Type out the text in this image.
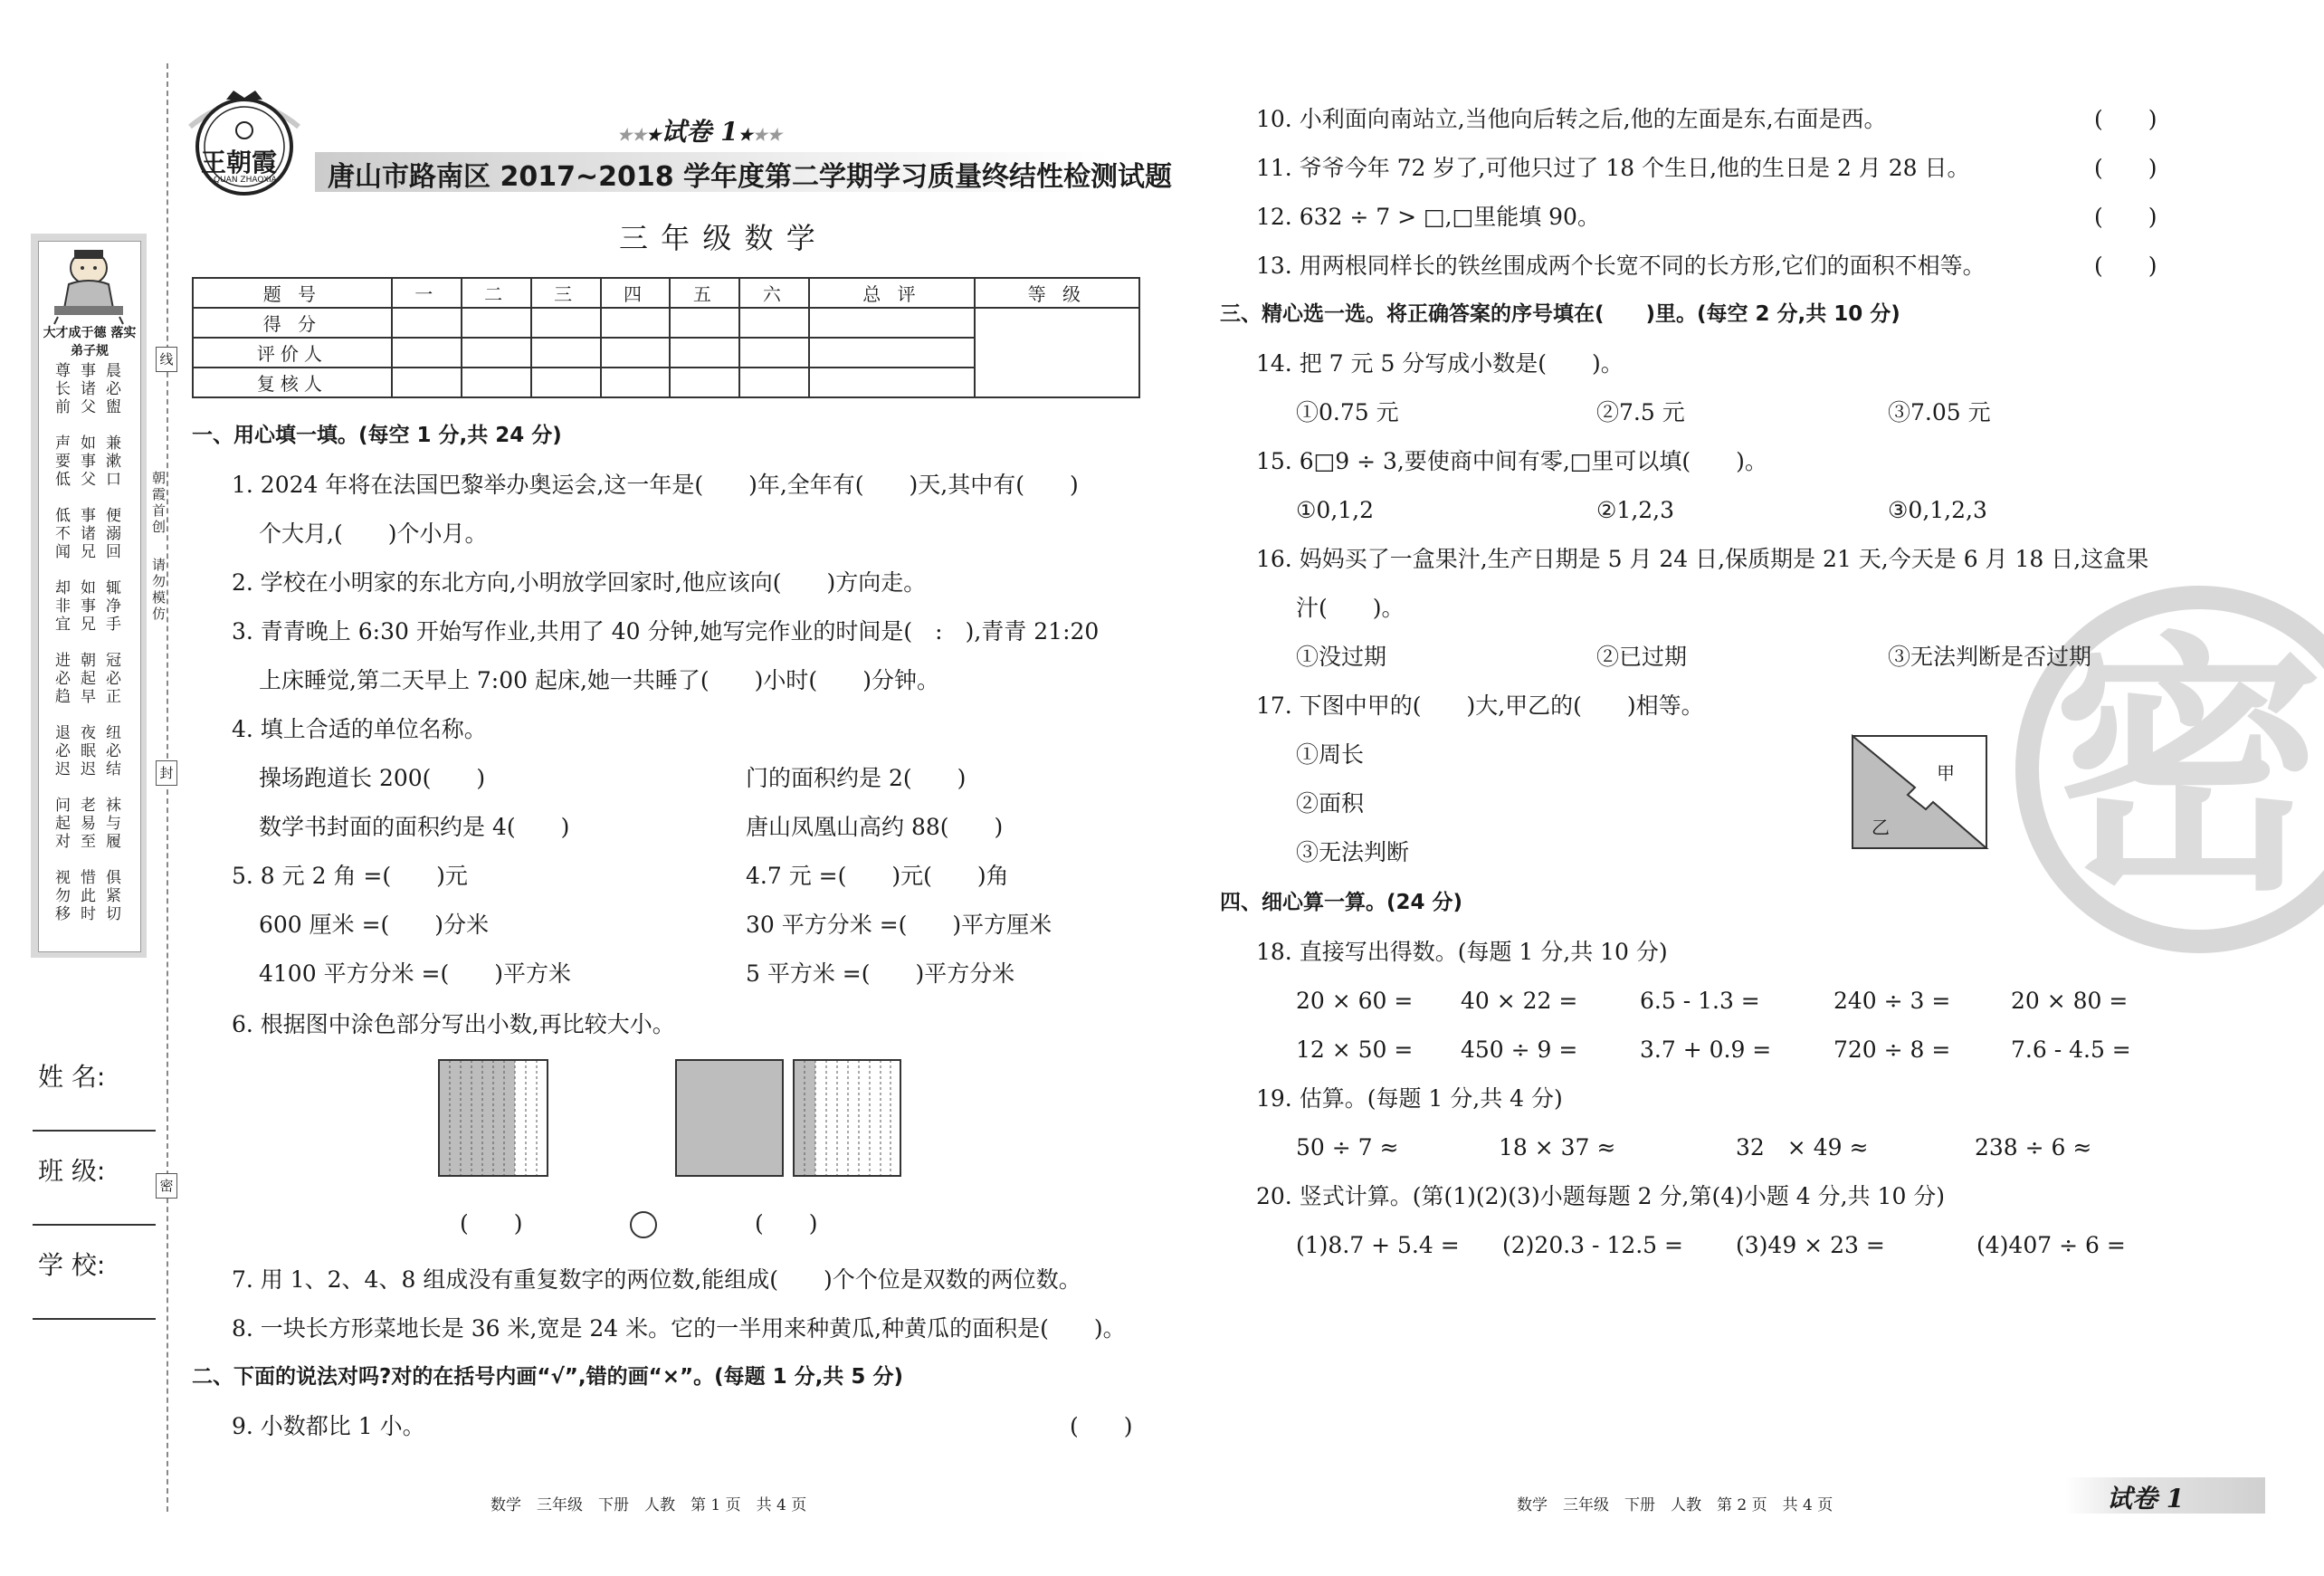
线
封
密
朝霞首创
请勿模仿
大才成于德 落实弟子规
晨必盥
事诸父
尊长前
兼漱口
如事父
声要低
便溺回
事诸兄
低不闻
辄净手
如事兄
却非宜
冠必正
朝起早
进必趋
纽必结
夜眠迟
退必迟
袜与履
老易至
问起对
俱紧切
惜此时
视勿移
姓 名:
班 级:
学 校:
王朝霞
QUAN ZHAOXIA
★★★试卷 1★★★
唐山市路南区 2017~2018 学年度第二学期学习质量终结性检测试题
三 年 级 数 学
题 号	一	二	三	四	五	六	总 评	等 级
得 分								
评价人								
复核人								
一、用心填一填。(每空 1 分,共 24 分)
1. 2024 年将在法国巴黎举办奥运会,这一年是(　　)年,全年有(　　)天,其中有(　　)
个大月,(　　)个小月。
2. 学校在小明家的东北方向,小明放学回家时,他应该向(　　)方向走。
3. 青青晚上 6:30 开始写作业,共用了 40 分钟,她写完作业的时间是(　:　),青青 21:20
上床睡觉,第二天早上 7:00 起床,她一共睡了(　　)小时(　　)分钟。
4. 填上合适的单位名称。
操场跑道长 200(　　)	门的面积约是 2(　　)
数学书封面的面积约是 4(　　)	唐山凤凰山高约 88(　　)
5. 8 元 2 角 =(　　)元	4.7 元 =(　　)元(　　)角
600 厘米 =(　　)分米	30 平方分米 =(　　)平方厘米
4100 平方分米 =(　　)平方米	5 平方米 =(　　)平方分米
6. 根据图中涂色部分写出小数,再比较大小。
(　　)	(　　)
7. 用 1、2、4、8 组成没有重复数字的两位数,能组成(　　)个个位是双数的两位数。
8. 一块长方形菜地长是 36 米,宽是 24 米。它的一半用来种黄瓜,种黄瓜的面积是(　　)。
二、下面的说法对吗?对的在括号内画“√”,错的画“×”。(每题 1 分,共 5 分)
9. 小数都比 1 小。	(　　)
数学　三年级　下册　人教　第 1 页　共 4 页
10. 小利面向南站立,当他向后转之后,他的左面是东,右面是西。	(　　)
11. 爷爷今年 72 岁了,可他只过了 18 个生日,他的生日是 2 月 28 日。	(　　)
12. 632 ÷ 7 > □,□里能填 90。	(　　)
13. 用两根同样长的铁丝围成两个长宽不同的长方形,它们的面积不相等。	(　　)
密
三、精心选一选。将正确答案的序号填在(　　)里。(每空 2 分,共 10 分)
14. 把 7 元 5 分写成小数是(　　)。
①0.75 元	②7.5 元	③7.05 元
15. 6□9 ÷ 3,要使商中间有零,□里可以填(　　)。
①0,1,2	②1,2,3	③0,1,2,3
16. 妈妈买了一盒果汁,生产日期是 5 月 24 日,保质期是 21 天,今天是 6 月 18 日,这盒果
汁(　　)。
①没过期	②已过期	③无法判断是否过期
17. 下图中甲的(　　)大,甲乙的(　　)相等。
①周长
②面积
③无法判断
甲
乙
四、细心算一算。(24 分)
18. 直接写出得数。(每题 1 分,共 10 分)
20 × 60 = 40 × 22 =	6.5 - 1.3 =	240 ÷ 3 =	20 × 80 =
12 × 50 = 450 ÷ 9 =	3.7 + 0.9 =	720 ÷ 8 =	7.6 - 4.5 =
19. 估算。(每题 1 分,共 4 分)
50 ÷ 7 ≈	18 × 37 ≈	32　× 49 ≈	238 ÷ 6 ≈
20. 竖式计算。(第(1)(2)(3)小题每题 2 分,第(4)小题 4 分,共 10 分)
(1)8.7 + 5.4 = (2)20.3 - 12.5 = (3)49 × 23 =	(4)407 ÷ 6 =
数学　三年级　下册　人教　第 2 页　共 4 页	试卷 1
